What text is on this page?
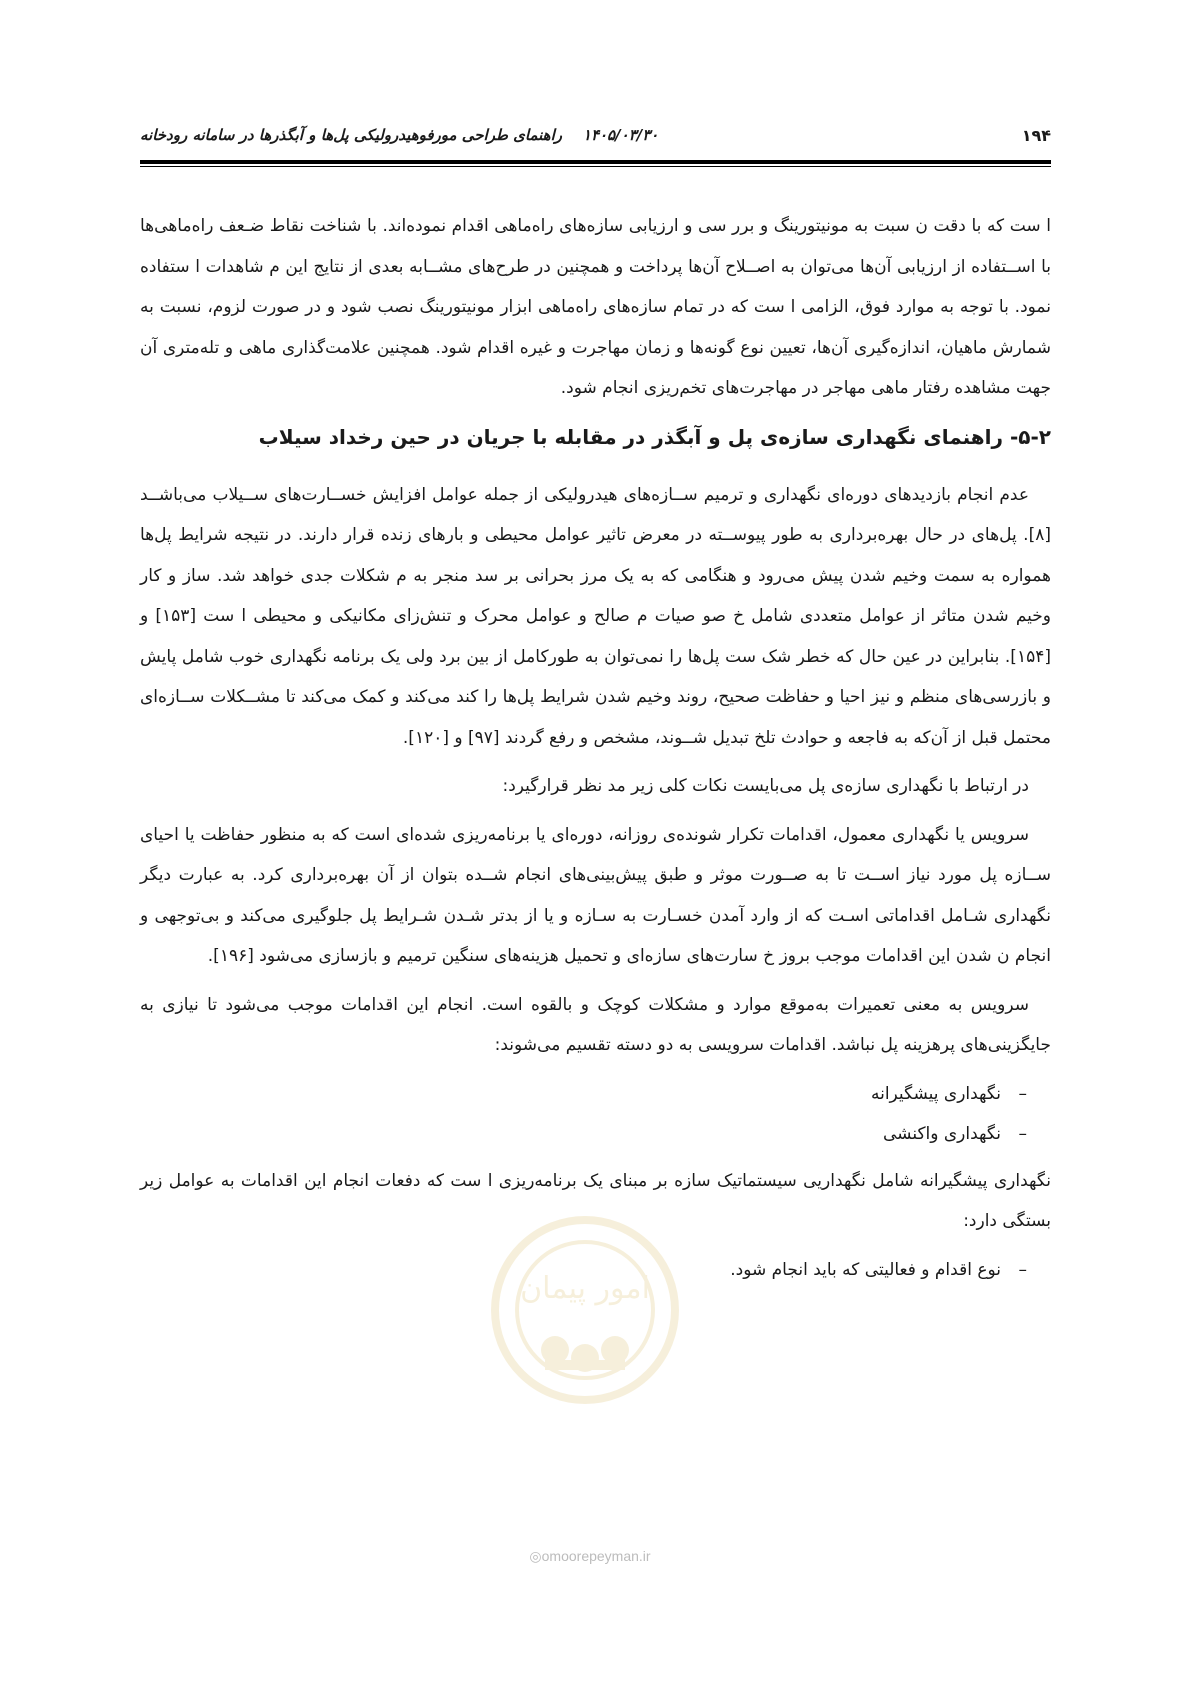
۱۹۴
۱۴۰۵/۰۳/۳۰    راهنمای طراحی مورفوهیدرولیکی پل‌ها و آبگذرها در سامانه رودخانه

ا ست که با دقت ن سبت به مونیتورینگ و برر سی و ارزیابی سازه‌های راه‌ماهی اقدام نموده‌اند. با شناخت نقاط ضـعف راه‌ماهی‌ها با اســتفاده از ارزیابی آن‌ها می‌توان به اصــلاح آن‌ها پرداخت و همچنین در طرح‌های مشــابه بعدی از نتایج این م شاهدات ا ستفاده نمود. با توجه به موارد فوق، الزامی ا ست که در تمام سازه‌های راه‌ماهی ابزار مونیتورینگ نصب شود و در صورت لزوم، نسبت به شمارش ماهیان، اندازه‌گیری آن‌ها، تعیین نوع گونه‌ها و زمان مهاجرت و غیره اقدام شود. همچنین علامت‌گذاری ماهی و تله‌متری آن جهت مشاهده رفتار ماهی مهاجر در مهاجرت‌های تخم‌ریزی انجام شود.

۵-۲- راهنمای نگهداری سازه‌ی پل و آبگذر در مقابله با جریان در حین رخداد سیلاب

عدم انجام بازدیدهای دوره‌ای نگهداری و ترمیم ســازه‌های هیدرولیکی از جمله عوامل افزایش خســارت‌های ســیلاب می‌باشــد [۸]. پل‌های در حال بهره‌برداری به طور پیوســته در معرض تاثیر عوامل محیطی و بارهای زنده قرار دارند. در نتیجه شرایط پل‌ها همواره به سمت وخیم شدن پیش می‌رود و هنگامی که به یک مرز بحرانی بر سد منجر به م شکلات جدی خواهد شد. ساز و کار وخیم شدن متاثر از عوامل متعددی شامل خ صو صیات م صالح و عوامل محرک و تنش‌زای مکانیکی و محیطی ا ست [۱۵۳] و [۱۵۴]. بنابراین در عین حال که خطر شک ست پل‌ها را نمی‌توان به طورکامل از بین برد ولی یک برنامه نگهداری خوب شامل پایش و بازرسی‌های منظم و نیز احیا و حفاظت صحیح، روند وخیم شدن شرایط پل‌ها را کند می‌کند و کمک می‌کند تا مشــکلات ســازه‌ای محتمل قبل از آن‌که به فاجعه و حوادث تلخ تبدیل شــوند، مشخص و رفع گردند [۹۷] و [۱۲۰].

در ارتباط با نگهداری سازه‌ی پل می‌بایست نکات کلی زیر مد نظر قرارگیرد:

سرویس یا نگهداری معمول، اقدامات تکرار شونده‌ی روزانه، دوره‌ای یا برنامه‌ریزی شده‌ای است که به منظور حفاظت یا احیای ســازه پل مورد نیاز اســت تا به صــورت موثر و طبق پیش‌بینی‌های انجام شــده بتوان از آن بهره‌برداری کرد. به عبارت دیگر نگهداری شـامل اقداماتی اسـت که از وارد آمدن خسـارت به سـازه و یا از بدتر شـدن شـرایط پل جلوگیری می‌کند و بی‌توجهی و انجام ن شدن این اقدامات موجب بروز خ سارت‌های سازه‌ای و تحمیل هزینه‌های سنگین ترمیم و بازسازی می‌شود [۱۹۶].

سرویس به معنی تعمیرات به‌موقع موارد و مشکلات کوچک و بالقوه است. انجام این اقدامات موجب می‌شود تا نیازی به جایگزینی‌های پرهزینه پل نباشد. اقدامات سرویسی به دو دسته تقسیم می‌شوند:

–نگهداری پیشگیرانه
–نگهداری واکنشی

نگهداری پیشگیرانه شامل نگهداریی سیستماتیک سازه بر مبنای یک برنامه‌ریزی ا ست که دفعات انجام این اقدامات به عوامل زیر بستگی دارد:

–نوع اقدام و فعالیتی که باید انجام شود.
امور پیمان
◎omoorepeyman.ir
